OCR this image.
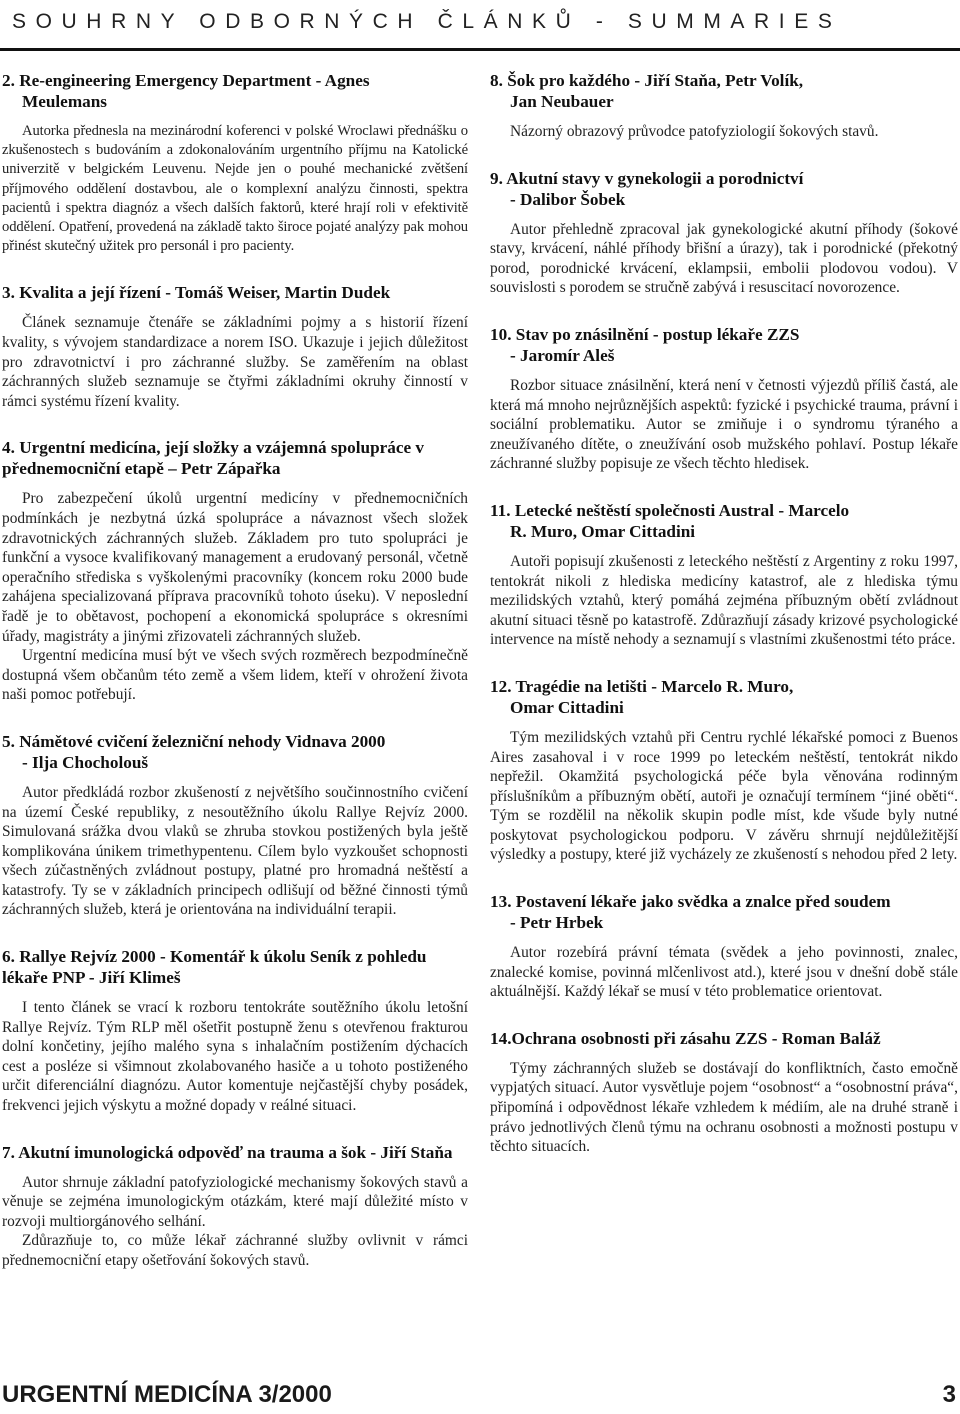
SOUHRNY ODBORNÝCH ČLÁNKŮ - SUMMARIES
2. Re-engineering Emergency Department - Agnes
Meulemans

Autorka přednesla na mezinárodní koferenci v polské Wroclawi přednášku o zkušenostech s budováním a zdokonalováním urgentního příjmu na Katolické univerzitě v belgickém Leuvenu. Nejde jen o pouhé mechanické zvětšení příjmového oddělení dostavbou, ale o komplexní analýzu činnosti, spektra pacientů i spektra diagnóz a všech dalších faktorů, které hrají roli v efektivitě oddělení. Opatření, provedená na základě takto široce pojaté analýzy pak mohou přinést skutečný užitek pro personál i pro pacienty.

3. Kvalita a její řízení - Tomáš Weiser, Martin Dudek

Článek seznamuje čtenáře se základními pojmy a s historií řízení kvality, s vývojem standardizace a norem ISO. Ukazuje i jejich důležitost pro zdravotnictví i pro záchranné služby. Se zaměřením na oblast záchranných služeb seznamuje se čtyřmi základními okruhy činností v rámci systému řízení kvality.

4. Urgentní medicína, její složky a vzájemná spolupráce v přednemocniční etapě – Petr Zápařka

Pro zabezpečení úkolů urgentní medicíny v přednemocničních podmínkách je nezbytná úzká spolupráce a návaznost všech složek zdravotnických záchranných služeb. Základem pro tuto spolupráci je funkční a vysoce kvalifikovaný management a erudovaný personál, včetně operačního střediska s vyškolenými pracovníky (koncem roku 2000 bude zahájena specializovaná příprava pracovníků tohoto úseku). V neposlední řadě je to obětavost, pochopení a ekonomická spolupráce s okresními úřady, magistráty a jinými zřizovateli záchranných služeb.

Urgentní medicína musí být ve všech svých rozměrech bezpodmínečně dostupná všem občanům této země a všem lidem, kteří v ohrožení života naši pomoc potřebují.

5. Námětové cvičení železniční nehody Vidnava 2000
- Ilja Chocholouš

Autor předkládá rozbor zkušeností z největšího součinnostního cvičení na území České republiky, z nesoutěžního úkolu Rallye Rejvíz 2000. Simulovaná srážka dvou vlaků se zhruba stovkou postižených byla ještě komplikována únikem trimethypentenu. Cílem bylo vyzkoušet schopnosti všech zúčastněných zvládnout postupy, platné pro hromadná neštěstí a katastrofy. Ty se v základních principech odlišují od běžné činnosti týmů záchranných služeb, která je orientována na individuální terapii.

6. Rallye Rejvíz 2000 - Komentář k úkolu Seník z pohledu lékaře PNP - Jiří Klimeš

I tento článek se vrací k rozboru tentokráte soutěžního úkolu letošní Rallye Rejvíz. Tým RLP měl ošetřit postupně ženu s otevřenou frakturou dolní končetiny, jejího malého syna s inhalačním postižením dýchacích cest a posléze si všimnout zkolabovaného hasiče a u tohoto postiženého určit diferenciální diagnózu. Autor komentuje nejčastější chyby posádek, frekvenci jejich výskytu a možné dopady v reálné situaci.

7. Akutní imunologická odpověď na trauma a šok - Jiří Staňa

Autor shrnuje základní patofyziologické mechanismy šokových stavů a věnuje se zejména imunologickým otázkám, které mají důležité místo v rozvoji multiorgánového selhání.

Zdůrazňuje to, co může lékař záchranné služby ovlivnit v rámci přednemocniční etapy ošetřování šokových stavů.

8. Šok pro každého - Jiří Staňa, Petr Volík,
Jan Neubauer

Názorný obrazový průvodce patofyziologií šokových stavů.

9. Akutní stavy v gynekologii a porodnictví
- Dalibor Šobek

Autor přehledně zpracoval jak gynekologické akutní příhody (šokové stavy, krvácení, náhlé příhody břišní a úrazy), tak i porodnické (překotný porod, porodnické krvácení, eklampsii, embolii plodovou vodou). V souvislosti s porodem se stručně zabývá i resuscitací novorozence.

10. Stav po znásilnění - postup lékaře ZZS
- Jaromír Aleš

Rozbor situace znásilnění, která není v četnosti výjezdů příliš častá, ale která má mnoho nejrůznějších aspektů: fyzické i psychické trauma, právní i sociální problematiku. Autor se zmiňuje i o syndromu týraného a zneužívaného dítěte, o zneužívání osob mužského pohlaví. Postup lékaře záchranné služby popisuje ze všech těchto hledisek.

11. Letecké neštěstí společnosti Austral - Marcelo
R. Muro, Omar Cittadini

Autoři popisují zkušenosti z leteckého neštěstí z Argentiny z roku 1997, tentokrát nikoli z hlediska medicíny katastrof, ale z hlediska týmu mezilidských vztahů, který pomáhá zejména příbuzným obětí zvládnout akutní situaci těsně po katastrofě. Zdůrazňují zásady krizové psychologické intervence na místě nehody a seznamují s vlastními zkušenostmi této práce.

12. Tragédie na letišti - Marcelo R. Muro,
Omar Cittadini

Tým mezilidských vztahů při Centru rychlé lékařské pomoci z Buenos Aires zasahoval i v roce 1999 po leteckém neštěstí, tentokrát nikdo nepřežil. Okamžitá psychologická péče byla věnována rodinným příslušníkům a příbuzným obětí, autoři je označují termínem “jiné oběti“. Tým se rozdělil na několik skupin podle míst, kde všude byly nutné poskytovat psychologickou podporu. V závěru shrnují nejdůležitější výsledky a postupy, které již vycházely ze zkušeností s nehodou před 2 lety.

13. Postavení lékaře jako svědka a znalce před soudem
- Petr Hrbek

Autor rozebírá právní témata (svědek a jeho povinnosti, znalec, znalecké komise, povinná mlčenlivost atd.), které jsou v dnešní době stále aktuálnější. Každý lékař se musí v této problematice orientovat.

14.Ochrana osobnosti při zásahu ZZS - Roman Baláž

Týmy záchranných služeb se dostávají do konfliktních, často emočně vypjatých situací. Autor vysvětluje pojem “osobnost“ a “osobnostní práva“, připomíná i odpovědnost lékaře vzhledem k médiím, ale na druhé straně i právo jednotlivých členů týmu na ochranu osobnosti a možnosti postupu v těchto situacích.

URGENTNÍ MEDICÍNA 3/2000	3
